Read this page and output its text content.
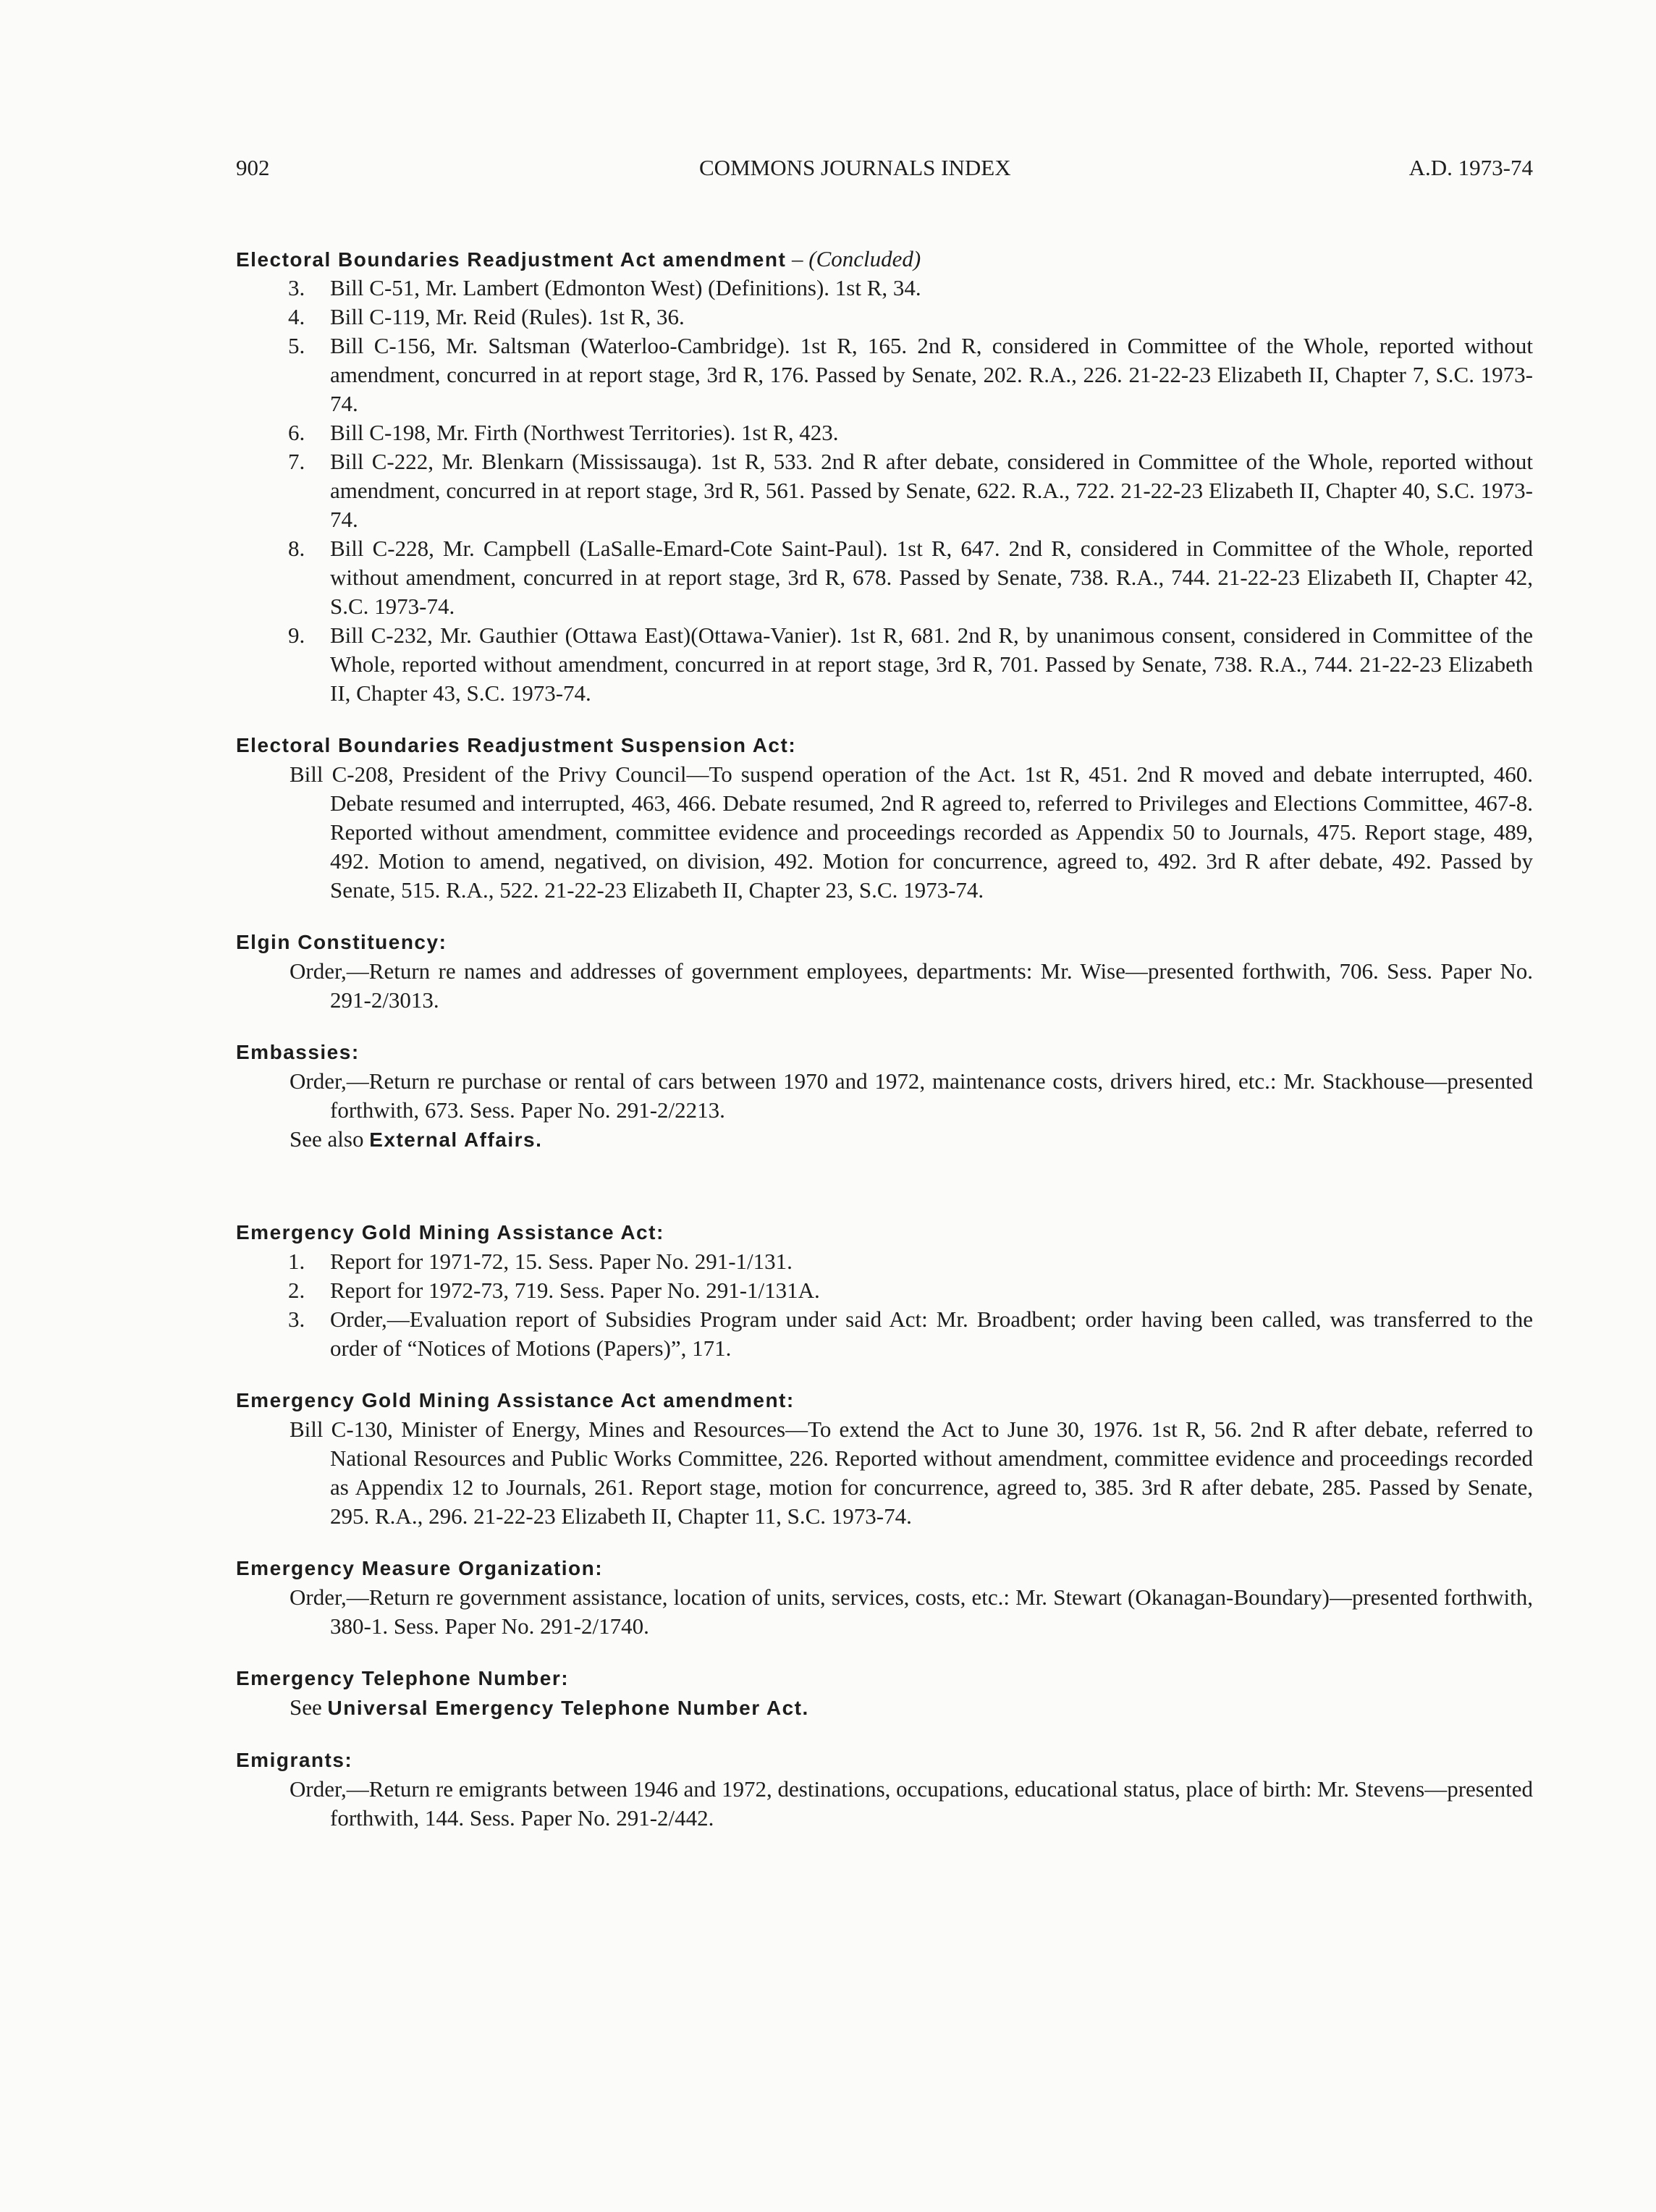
902	COMMONS JOURNALS INDEX	A.D. 1973-74
Electoral Boundaries Readjustment Act amendment – (Concluded)
3. Bill C-51, Mr. Lambert (Edmonton West) (Definitions). 1st R, 34.
4. Bill C-119, Mr. Reid (Rules). 1st R, 36.
5. Bill C-156, Mr. Saltsman (Waterloo-Cambridge). 1st R, 165. 2nd R, considered in Committee of the Whole, reported without amendment, concurred in at report stage, 3rd R, 176. Passed by Senate, 202. R.A., 226. 21-22-23 Elizabeth II, Chapter 7, S.C. 1973-74.
6. Bill C-198, Mr. Firth (Northwest Territories). 1st R, 423.
7. Bill C-222, Mr. Blenkarn (Mississauga). 1st R, 533. 2nd R after debate, considered in Committee of the Whole, reported without amendment, concurred in at report stage, 3rd R, 561. Passed by Senate, 622. R.A., 722. 21-22-23 Elizabeth II, Chapter 40, S.C. 1973-74.
8. Bill C-228, Mr. Campbell (LaSalle-Emard-Cote Saint-Paul). 1st R, 647. 2nd R, considered in Committee of the Whole, reported without amendment, concurred in at report stage, 3rd R, 678. Passed by Senate, 738. R.A., 744. 21-22-23 Elizabeth II, Chapter 42, S.C. 1973-74.
9. Bill C-232, Mr. Gauthier (Ottawa East)(Ottawa-Vanier). 1st R, 681. 2nd R, by unanimous consent, considered in Committee of the Whole, reported without amendment, concurred in at report stage, 3rd R, 701. Passed by Senate, 738. R.A., 744. 21-22-23 Elizabeth II, Chapter 43, S.C. 1973-74.
Electoral Boundaries Readjustment Suspension Act:
Bill C-208, President of the Privy Council—To suspend operation of the Act. 1st R, 451. 2nd R moved and debate interrupted, 460. Debate resumed and interrupted, 463, 466. Debate resumed, 2nd R agreed to, referred to Privileges and Elections Committee, 467-8. Reported without amendment, committee evidence and proceedings recorded as Appendix 50 to Journals, 475. Report stage, 489, 492. Motion to amend, negatived, on division, 492. Motion for concurrence, agreed to, 492. 3rd R after debate, 492. Passed by Senate, 515. R.A., 522. 21-22-23 Elizabeth II, Chapter 23, S.C. 1973-74.
Elgin Constituency:
Order,—Return re names and addresses of government employees, departments: Mr. Wise—presented forthwith, 706. Sess. Paper No. 291-2/3013.
Embassies:
Order,—Return re purchase or rental of cars between 1970 and 1972, maintenance costs, drivers hired, etc.: Mr. Stackhouse—presented forthwith, 673. Sess. Paper No. 291-2/2213.
See also External Affairs.
Emergency Gold Mining Assistance Act:
1. Report for 1971-72, 15. Sess. Paper No. 291-1/131.
2. Report for 1972-73, 719. Sess. Paper No. 291-1/131A.
3. Order,—Evaluation report of Subsidies Program under said Act: Mr. Broadbent; order having been called, was transferred to the order of “Notices of Motions (Papers)”, 171.
Emergency Gold Mining Assistance Act amendment:
Bill C-130, Minister of Energy, Mines and Resources—To extend the Act to June 30, 1976. 1st R, 56. 2nd R after debate, referred to National Resources and Public Works Committee, 226. Reported without amendment, committee evidence and proceedings recorded as Appendix 12 to Journals, 261. Report stage, motion for concurrence, agreed to, 385. 3rd R after debate, 285. Passed by Senate, 295. R.A., 296. 21-22-23 Elizabeth II, Chapter 11, S.C. 1973-74.
Emergency Measure Organization:
Order,—Return re government assistance, location of units, services, costs, etc.: Mr. Stewart (Okanagan-Boundary)—presented forthwith, 380-1. Sess. Paper No. 291-2/1740.
Emergency Telephone Number:
See Universal Emergency Telephone Number Act.
Emigrants:
Order,—Return re emigrants between 1946 and 1972, destinations, occupations, educational status, place of birth: Mr. Stevens—presented forthwith, 144. Sess. Paper No. 291-2/442.
